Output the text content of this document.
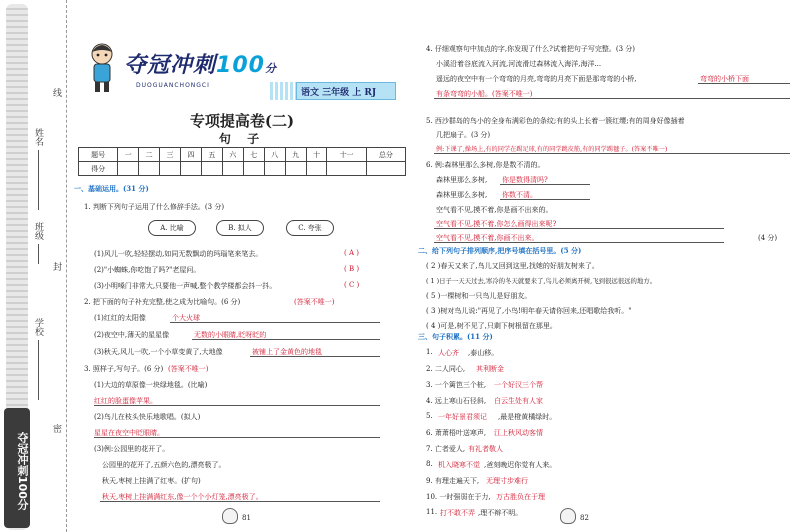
线
姓名
班级
封
学校
密
夺冠冲刺100分
夺冠冲刺100分
DUOGUANCHONGCI
语文 三年级 上 RJ
专项提高卷(二)
句 子
题号	一	二	三	四	五	六	七	八	九	十	十一	总分
得分												
一、基础运用。(31 分)
1. 判断下列句子运用了什么修辞手法。(3 分)
A. 比喻	B. 拟人	C. 夸张
(1)风儿一吹,轻轻摆动,如同无数飘动的玛瑙笔来笔去。	( A )
(2)"小蜘蛛,你吃饱了吗?"老屋问。	( B )
(3)小明嗓门非常大,只要他一声喊,整个教学楼都会抖一抖。	( C )
2. 把下面的句子补充完整,使之成为比喻句。(6 分)	(答案不唯一)
(1)红红的太阳像	个大火球
(2)夜空中,薄天的星星像	无数的小眼睛,眨呀眨的
(3)秋天,风儿一吹,一个小草变黄了,大地像	被铺上了金黄色的地毯
3. 照样子,写句子。(6 分) (答案不唯一)
(1)大边的草原像一块绿地毯。(比喻)
红红的脸蛋像苹果。
(2)鸟儿在枝头快乐地歌唱。(拟人)
星星在夜空中眨眼睛。
(3)例:公园里的花开了。
公园里的花开了,五颜六色的,漂亮极了。
秋天,枣树上挂满了红枣。(扩句)
秋天,枣树上挂满满红东,像一个个小灯笼,漂亮极了。
81
4. 仔细观察句中加点的字,你发现了什么?试着把句子写完整。(3 分)
小溪沿着谷底流入河流,河流滑过森林流入海洋,海洋...
遥远的夜空中有一个弯弯的月亮,弯弯的月亮下面是那弯弯的小桥,	弯弯的小桥下面
有条弯弯的小船。(答案不唯一)
5. 西沙群岛的鸟小的全身布满彩色的条纹;有的头上长着一簇红缨;有的周身好像插着
几把扇子。(3 分)
例:下课了,操场上,有的同学在踢足球,有的同学跳皮筋,有的同学踢毽子。(答案不唯一)
6. 例:森林里那么多树,你是数不清的。
森林里那么多树, 你是数得清吗?
森林里那么多树, 你数不清。
空气看不见,摸不着,你是画不出来的。
空气看不见,摸不着,你怎么画得出来呢?
空气看不见,摸不着,你画不出来。	(4 分)
二、给下列句子排列顺序,把序号填在括号里。(5 分)
( 2 )春天又来了,鸟儿又回到这里,找她的好朋友树来了。
( 1 )日子一天天过去,寒冷的冬天就要来了,鸟儿必须离开树,飞到很远很远的地方。
( 5 )一棵树和一只鸟儿是好朋友。
( 3 )树对鸟儿说:"再见了,小鸟!明年春天请你回来,还唱歌给我听。"
( 4 )可是,树不见了,只剩下树根留在那里。
三、句子积累。(11 分)
1. 人心齐 ,泰山移。
2. 二人同心, 其利断金
3. 一个篱笆三个桩, 一个好汉三个帮
4. 远上寒山石径斜, 白云生处有人家
5. 一年好景君须记 ,最是橙黄橘绿时。
6. 萧萧梧叶送寒声, 江上秋风动客情
7. 亡者爱人, 有礼者敬人
8. 机入晓寒不觉 ,爸刻晚迟你觉有人来。
9. 有理走遍天下, 无理寸步难行
10. 一时强弱在于力, 万古胜负在于理
11. 打不敢不弄 ,理不辩不明。
82
